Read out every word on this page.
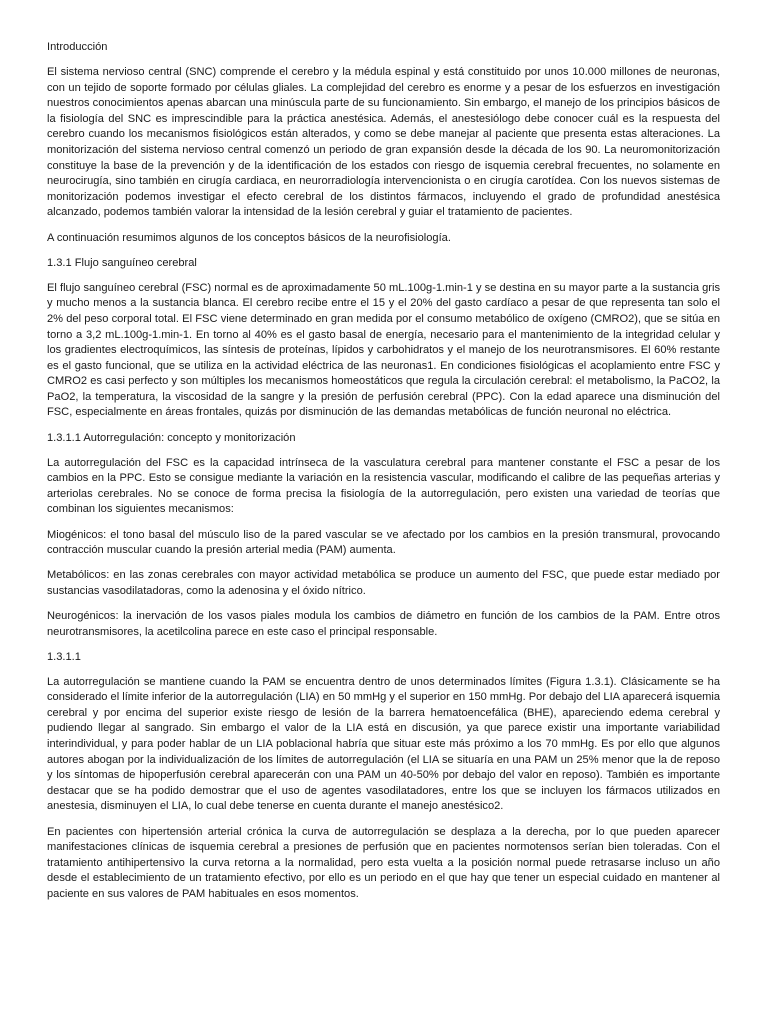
Introducción

El sistema nervioso central (SNC) comprende el cerebro y la médula espinal y está constituido por unos 10.000 millones de neuronas, con un tejido de soporte formado por células gliales. La complejidad del cerebro es enorme y a pesar de los esfuerzos en investigación nuestros conocimientos apenas abarcan una minúscula parte de su funcionamiento. Sin embargo, el manejo de los principios básicos de la fisiología del SNC es imprescindible para la práctica anestésica. Además, el anestesiólogo debe conocer cuál es la respuesta del cerebro cuando los mecanismos fisiológicos están alterados, y como se debe manejar al paciente que presenta estas alteraciones. La monitorización del sistema nervioso central comenzó un periodo de gran expansión desde la década de los 90. La neuromonitorización constituye la base de la prevención y de la identificación de los estados con riesgo de isquemia cerebral frecuentes, no solamente en neurocirugía, sino también en cirugía cardiaca, en neurorradiología intervencionista o en cirugía carotídea. Con los nuevos sistemas de monitorización podemos investigar el efecto cerebral de los distintos fármacos, incluyendo el grado de profundidad anestésica alcanzado, podemos también valorar la intensidad de la lesión cerebral y guiar el tratamiento de pacientes.

A continuación resumimos algunos de los conceptos básicos de la neurofisiología.

1.3.1 Flujo sanguíneo cerebral

El flujo sanguíneo cerebral (FSC) normal es de aproximadamente 50 mL.100g-1.min-1 y se destina en su mayor parte a la sustancia gris y mucho menos a la sustancia blanca. El cerebro recibe entre el 15 y el 20% del gasto cardíaco a pesar de que representa tan solo el 2% del peso corporal total. El FSC viene determinado en gran medida por el consumo metabólico de oxígeno (CMRO2), que se sitúa en torno a 3,2 mL.100g-1.min-1. En torno al 40% es el gasto basal de energía, necesario para el mantenimiento de la integridad celular y los gradientes electroquímicos, las síntesis de proteínas, lípidos y carbohidratos y el manejo de los neurotransmisores. El 60% restante es el gasto funcional, que se utiliza en la actividad eléctrica de las neuronas1. En condiciones fisiológicas el acoplamiento entre FSC y CMRO2 es casi perfecto y son múltiples los mecanismos homeostáticos que regula la circulación cerebral: el metabolismo, la PaCO2, la PaO2, la temperatura, la viscosidad de la sangre y la presión de perfusión cerebral (PPC). Con la edad aparece una disminución del FSC, especialmente en áreas frontales, quizás por disminución de las demandas metabólicas de función neuronal no eléctrica.

1.3.1.1 Autorregulación: concepto y monitorización

La autorregulación del FSC es la capacidad intrínseca de la vasculatura cerebral para mantener constante el FSC a pesar de los cambios en la PPC. Esto se consigue mediante la variación en la resistencia vascular, modificando el calibre de las pequeñas arterias y arteriolas cerebrales. No se conoce de forma precisa la fisiología de la autorregulación, pero existen una variedad de teorías que combinan los siguientes mecanismos:

Miogénicos: el tono basal del músculo liso de la pared vascular se ve afectado por los cambios en la presión transmural, provocando contracción muscular cuando la presión arterial media (PAM) aumenta.

Metabólicos: en las zonas cerebrales con mayor actividad metabólica se produce un aumento del FSC, que puede estar mediado por sustancias vasodilatadoras, como la adenosina y el óxido nítrico.

Neurogénicos: la inervación de los vasos piales modula los cambios de diámetro en función de los cambios de la PAM. Entre otros neurotransmisores, la acetilcolina parece en este caso el principal responsable.

1.3.1.1

La autorregulación se mantiene cuando la PAM se encuentra dentro de unos determinados límites (Figura 1.3.1). Clásicamente se ha considerado el límite inferior de la autorregulación (LIA) en 50 mmHg y el superior en 150 mmHg. Por debajo del LIA aparecerá isquemia cerebral y por encima del superior existe riesgo de lesión de la barrera hematoencefálica (BHE), apareciendo edema cerebral y pudiendo llegar al sangrado. Sin embargo el valor de la LIA está en discusión, ya que parece existir una importante variabilidad interindividual, y para poder hablar de un LIA poblacional habría que situar este más próximo a los 70 mmHg. Es por ello que algunos autores abogan por la individualización de los límites de autorregulación (el LIA se situaría en una PAM un 25% menor que la de reposo y los síntomas de hipoperfusión cerebral aparecerán con una PAM un 40-50% por debajo del valor en reposo). También es importante destacar que se ha podido demostrar que el uso de agentes vasodilatadores, entre los que se incluyen los fármacos utilizados en anestesia, disminuyen el LIA, lo cual debe tenerse en cuenta durante el manejo anestésico2.

En pacientes con hipertensión arterial crónica la curva de autorregulación se desplaza a la derecha, por lo que pueden aparecer manifestaciones clínicas de isquemia cerebral a presiones de perfusión que en pacientes normotensos serían bien toleradas. Con el tratamiento antihipertensivo la curva retorna a la normalidad, pero esta vuelta a la posición normal puede retrasarse incluso un año desde el establecimiento de un tratamiento efectivo, por ello es un periodo en el que hay que tener un especial cuidado en mantener al paciente en sus valores de PAM habituales en esos momentos.
